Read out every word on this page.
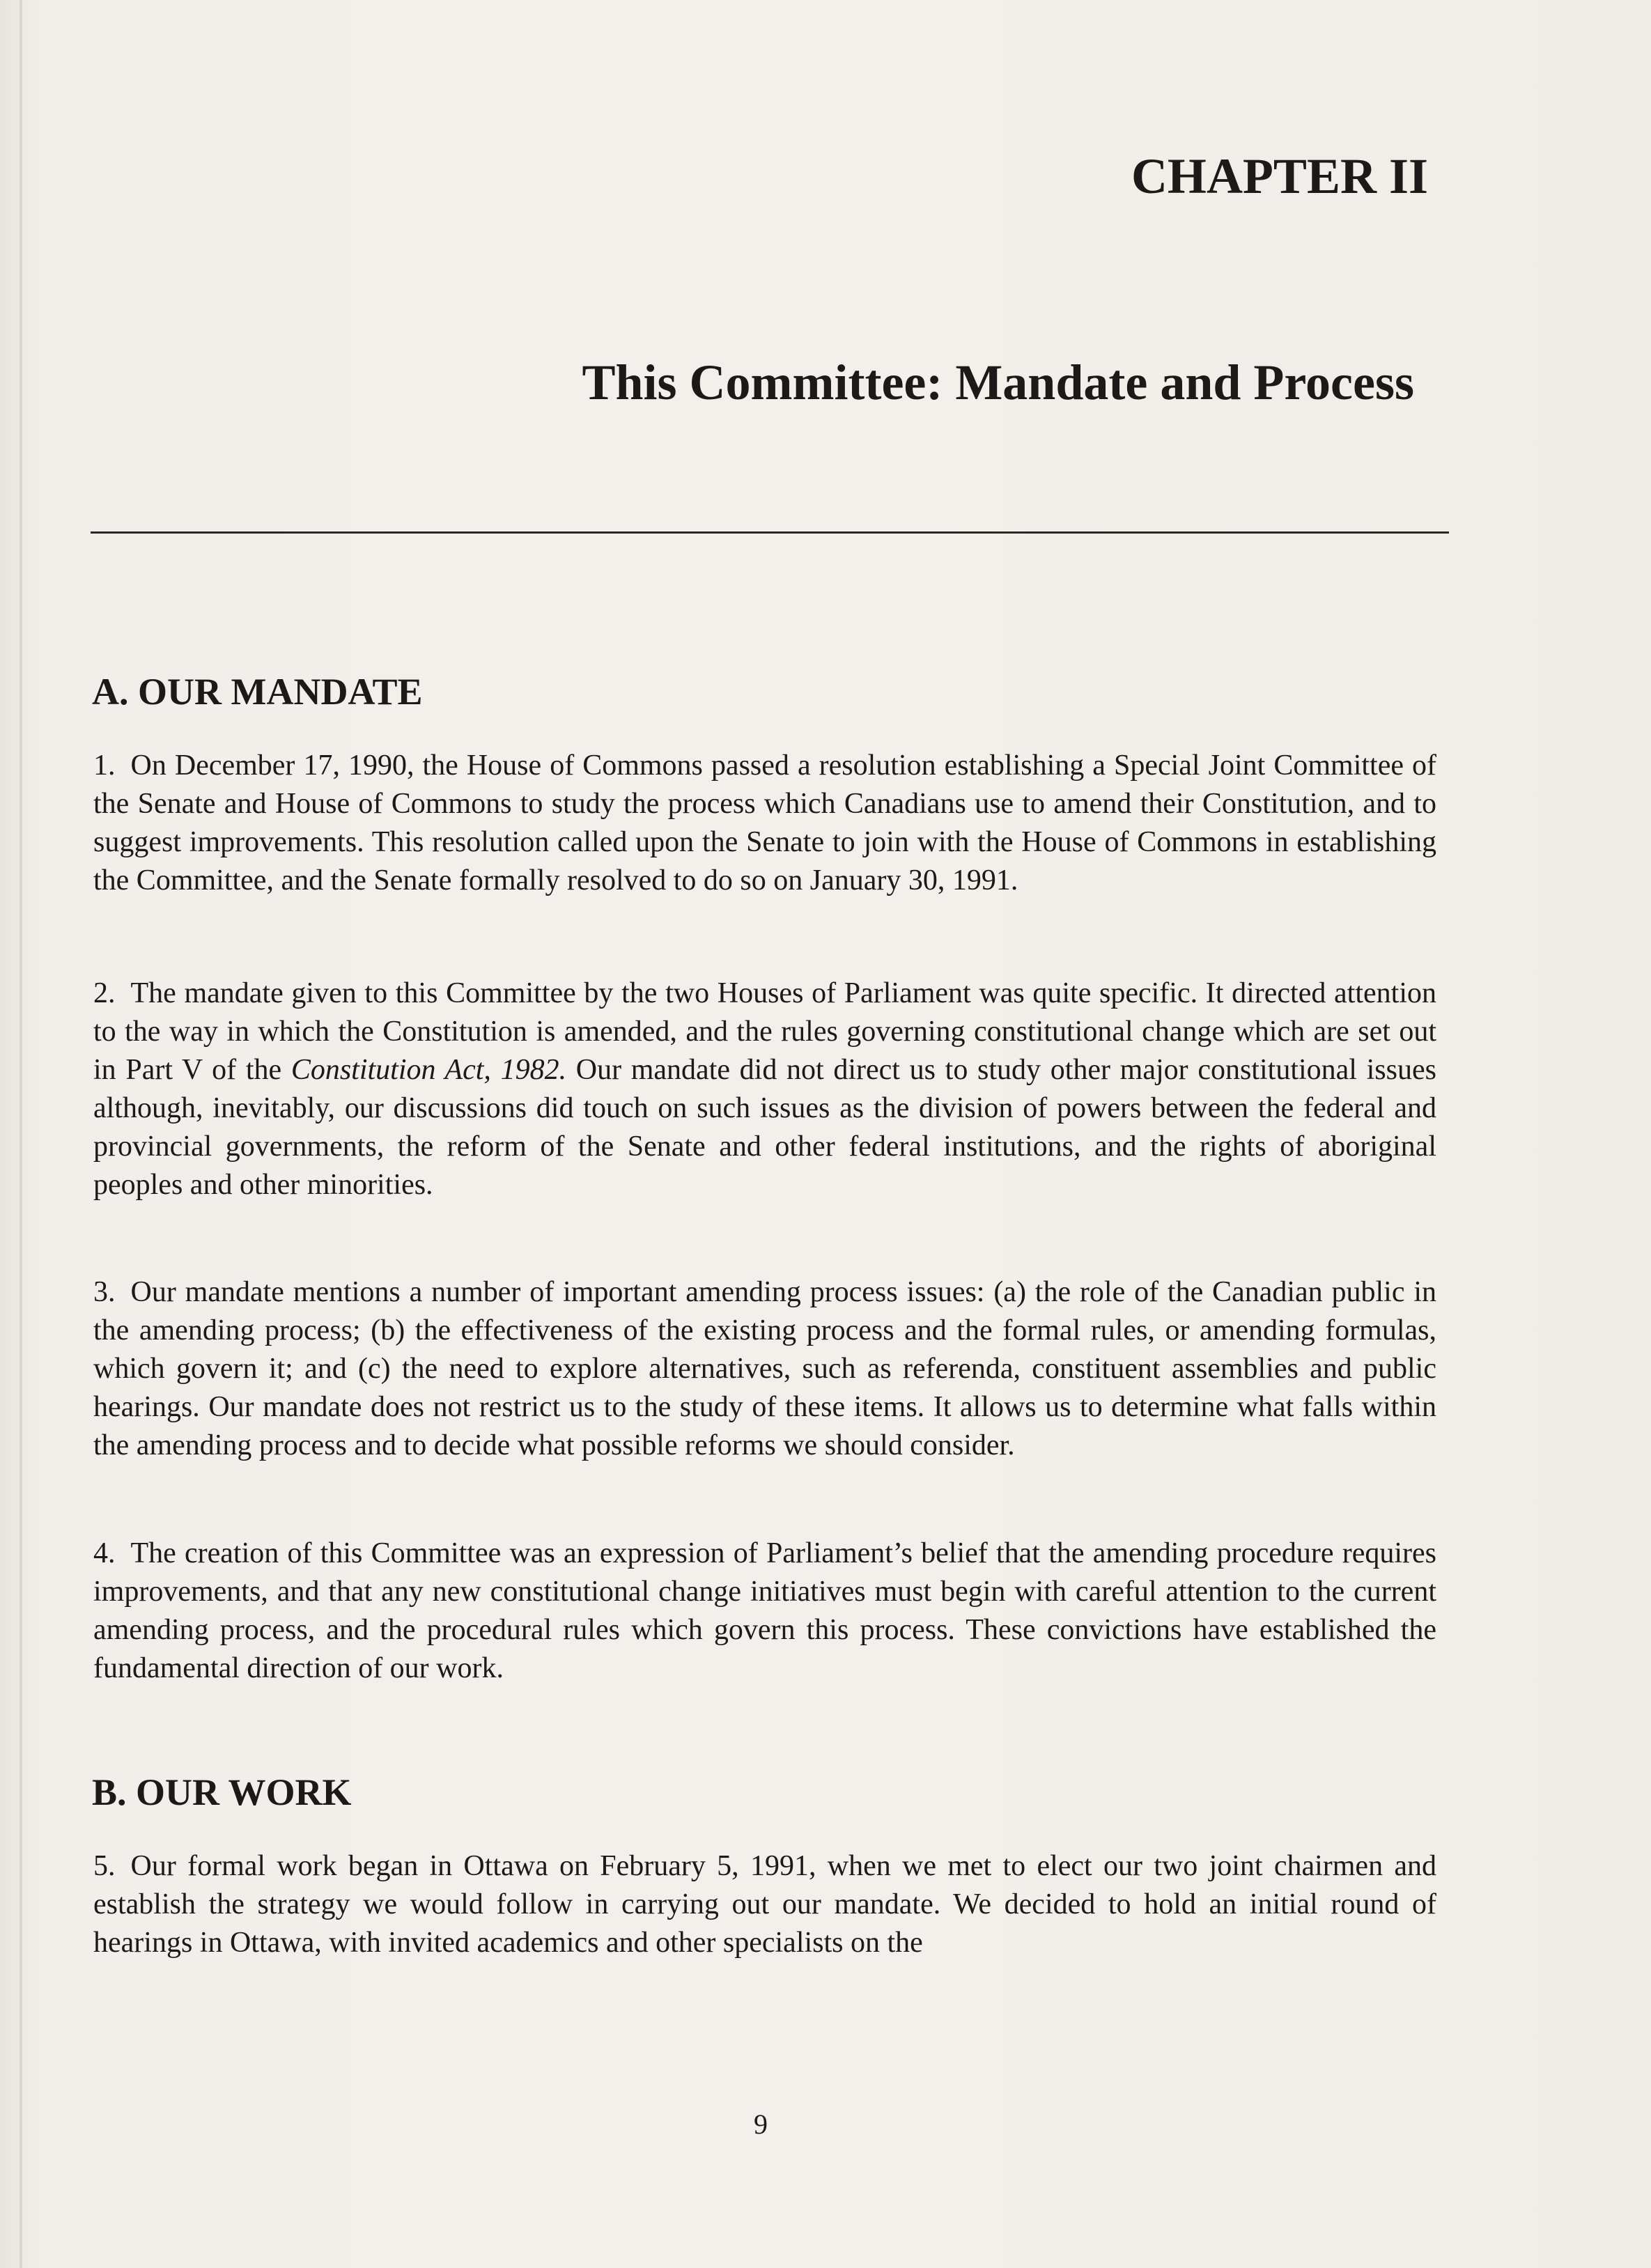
CHAPTER II
This Committee: Mandate and Process
A. OUR MANDATE

1. On December 17, 1990, the House of Commons passed a resolution establishing a Special Joint Committee of the Senate and House of Commons to study the process which Canadians use to amend their Constitution, and to suggest improvements. This resolution called upon the Senate to join with the House of Commons in establishing the Committee, and the Senate formally resolved to do so on January 30, 1991.

2. The mandate given to this Committee by the two Houses of Parliament was quite specific. It directed attention to the way in which the Constitution is amended, and the rules governing constitutional change which are set out in Part V of the Constitution Act, 1982. Our mandate did not direct us to study other major constitutional issues although, inevitably, our discussions did touch on such issues as the division of powers between the federal and provincial governments, the reform of the Senate and other federal institutions, and the rights of aboriginal peoples and other minorities.

3. Our mandate mentions a number of important amending process issues: (a) the role of the Canadian public in the amending process; (b) the effectiveness of the existing process and the formal rules, or amending formulas, which govern it; and (c) the need to explore alternatives, such as referenda, constituent assemblies and public hearings. Our mandate does not restrict us to the study of these items. It allows us to determine what falls within the amending process and to decide what possible reforms we should consider.

4. The creation of this Committee was an expression of Parliament’s belief that the amending procedure requires improvements, and that any new constitutional change initiatives must begin with careful attention to the current amending process, and the procedural rules which govern this process. These convictions have established the fundamental direction of our work.

B. OUR WORK

5. Our formal work began in Ottawa on February 5, 1991, when we met to elect our two joint chairmen and establish the strategy we would follow in carrying out our mandate. We decided to hold an initial round of hearings in Ottawa, with invited academics and other specialists on the

9
